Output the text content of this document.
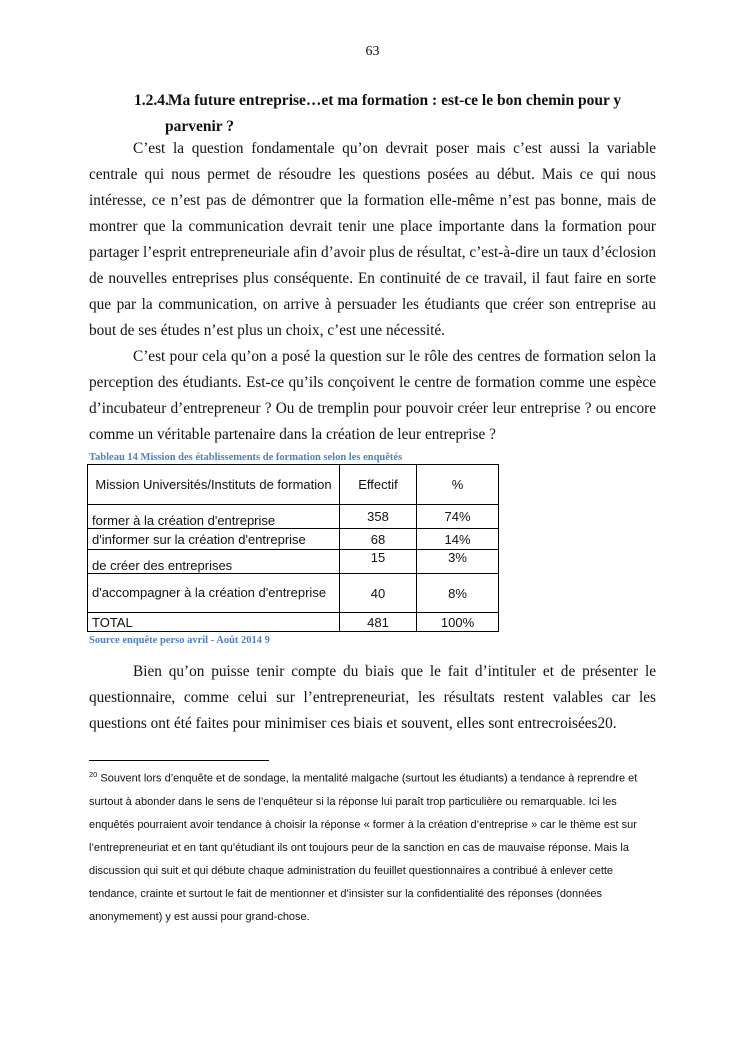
63
1.2.4. Ma future entreprise…et ma formation : est-ce le bon chemin pour y
parvenir ?

C’est la question fondamentale qu’on devrait poser mais c’est aussi la variable centrale qui nous permet de résoudre les questions posées au début. Mais ce qui nous intéresse, ce n’est pas de démontrer que la formation elle-même n’est pas bonne, mais de montrer que la communication devrait tenir une place importante dans la formation pour partager l’esprit entrepreneuriale afin d’avoir plus de résultat, c’est-à-dire un taux d’éclosion de nouvelles entreprises plus conséquente. En continuité de ce travail, il faut faire en sorte que par la communication, on arrive à persuader les étudiants que créer son entreprise au bout de ses études n’est plus un choix, c’est une nécessité.

C’est pour cela qu’on a posé la question sur le rôle des centres de formation selon la perception des étudiants. Est-ce qu’ils conçoivent le centre de formation comme une espèce d’incubateur d’entrepreneur ? Ou de tremplin pour pouvoir créer leur entreprise ? ou encore comme un véritable partenaire dans la création de leur entreprise ?

Tableau 14 Mission des établissements de formation selon les enquêtés
Mission Universités/Instituts de formation	Effectif	%
former à la création d'entreprise	358	74%
d'informer sur la création d'entreprise	68	14%
de créer des entreprises	15	3%
d'accompagner à la création d'entreprise	40	8%
TOTAL	481	100%
Source enquête perso avril - Août 2014 9

Bien qu’on puisse tenir compte du biais que le fait d’intituler et de présenter le questionnaire, comme celui sur l’entrepreneuriat, les résultats restent valables car les questions ont été faites pour minimiser ces biais et souvent, elles sont entrecroisées20.

$^{20}$ Souvent lors d’enquête et de sondage, la mentalité malgache (surtout les étudiants) a tendance à reprendre et surtout à abonder dans le sens de l’enquêteur si la réponse lui paraît trop particulière ou remarquable. Ici les enquêtés pourraient avoir tendance à choisir la réponse « former à la création d’entreprise » car le thème est sur l’entrepreneuriat et en tant qu’étudiant ils ont toujours peur de la sanction en cas de mauvaise réponse. Mais la discussion qui suit et qui débute chaque administration du feuillet questionnaires a contribué à enlever cette tendance, crainte et surtout le fait de mentionner et d’insister sur la confidentialité des réponses (données anonymement) y est aussi pour grand-chose.
